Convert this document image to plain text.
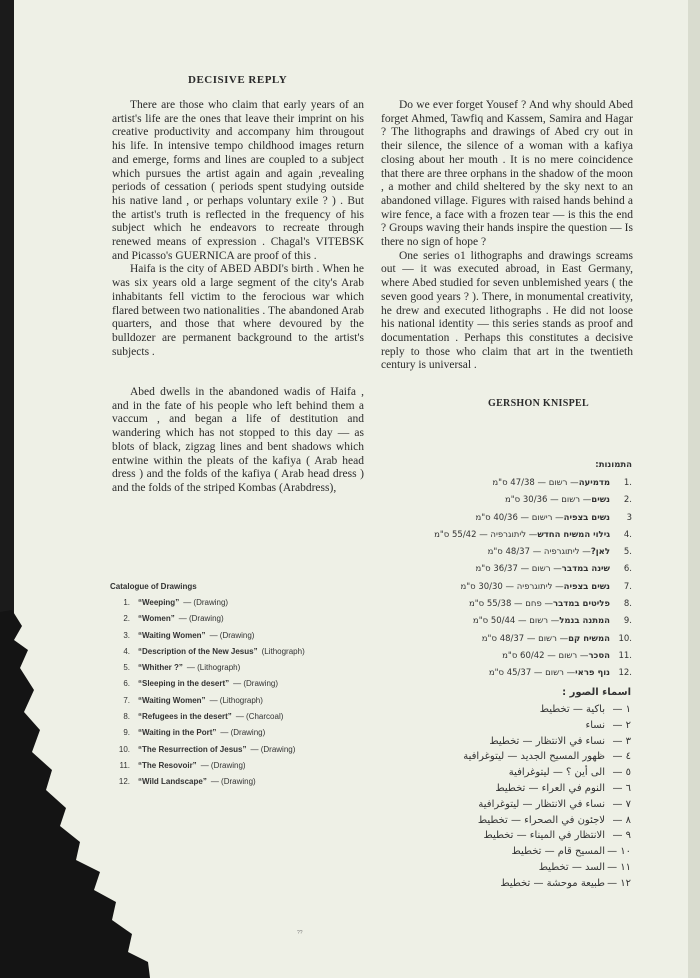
DECISIVE REPLY

There are those who claim that early years of an artist's life are the ones that leave their imprint on his creative productivity and accompany him througout his life. In intensive tempo childhood images return and emerge, forms and lines are coupled to a subject which pursues the artist again and again ,revealing periods of cessation ( periods spent studying outside his native land , or perhaps voluntary exile ? ) . But the artist's truth is reflected in the frequency of his subject which he endeavors to recreate through renewed means of expression . Chagal's VITEBSK and Picasso's GUERNICA are proof of this .

Haifa is the city of ABED ABDI's birth . When he was six years old a large segment of the city's Arab inhabitants fell victim to the ferocious war which flared between two nationalities . The abandoned Arab quarters, and those that where devoured by the bulldozer are permanent background to the artist's subjects .

Abed dwells in the abandoned wadis of Haifa , and in the fate of his people who left behind them a vaccum , and began a life of destitution and wandering which has not stopped to this day — as blots of black, zigzag lines and bent shadows which entwine within the pleats of the kafiya ( Arab head dress ) and the folds of the kafiya ( Arab head dress ) and the folds of the striped Kombas (Arabdress),

Do we ever forget Yousef ? And why should Abed forget Ahmed, Tawfiq and Kassem, Samira and Hagar ? The lithographs and drawings of Abed cry out in their silence, the silence of a woman with a kafiya closing about her mouth . It is no mere coincidence that there are three orphans in the shadow of the moon , a mother and child sheltered by the sky next to an abandoned village. Figures with raised hands behind a wire fence, a face with a frozen tear — is this the end ? Groups waving their hands inspire the question — Is there no sign of hope ?

One series o1 lithographs and drawings screams out — it was executed abroad, in East Germany, where Abed studied for seven unblemished years ( the seven good years ? ). There, in monumental creativity, he drew and executed lithographs . He did not loose his national identity — this series stands as proof and documentation . Perhaps this constitutes a decisive reply to those who claim that art in the twentieth century is universal .

GERSHON KNISPEL
Catalogue of Drawings
1. “Weeping” — (Drawing)
2. “Women” — (Drawing)
3. “Waiting Women” — (Drawing)
4. “Description of the New Jesus” (Lithograph)
5. “Whither ?” — (Lithograph)
6. “Sleeping in the desert” — (Drawing)
7. “Waiting Women” — (Lithograph)
8. “Refugees in the desert” — (Charcoal)
9. “Waiting in the Port” — (Drawing)
10. “The Resurrection of Jesus” — (Drawing)
11. “The Resovoir” — (Drawing)
12. “Wild Landscape” — (Drawing)
התמונות:
.1
מדמיעה
— רשום — 47/38 ס"מ
.2
נשים
— רשום — 30/36 ס"מ
3
נשים בצפיה
— רישום — 40/36 ס"מ
.4
גילוי המשיח החדש
— ליתוגרפיה — 55/42 ס"מ
.5
לאן?
— ליתוגרפיה — 48/37 ס"מ
.6
שינה במדבר
— רשום — 36/37 ס"מ
.7
נשים בצפיה
— ליתוגרפיה — 30/30 ס"מ
.8
פליטים במדבר
— פחם — 55/38 ס"מ
.9
המתנה בנמל
— רשום — 50/44 ס"מ
.10
המשיח קם
— רשום — 48/37 ס"מ
.11
הסכר
— רשום — 60/42 ס"מ
.12
נוף פראי
— רשום — 45/37 ס"מ
اسماء الصور :
١ —
باكية — تخطيط
٢ —
نساء
٣ —
نساء في الانتظار — تخطيط
٤ —
ظهور المسيح الجديد — ليتوغرافية
٥ —
الى أين ؟ — ليتوغرافية
٦ —
النوم في العراء — تخطيط
٧ —
نساء في الانتظار — ليتوغرافية
٨ —
لاجئون في الصحراء — تخطيط
٩ —
الانتظار في الميناء — تخطيط
١٠ —
المسيح قام — تخطيط
١١ —
السد — تخطيط
١٢ —
طبيعة موحشة — تخطيط
??
